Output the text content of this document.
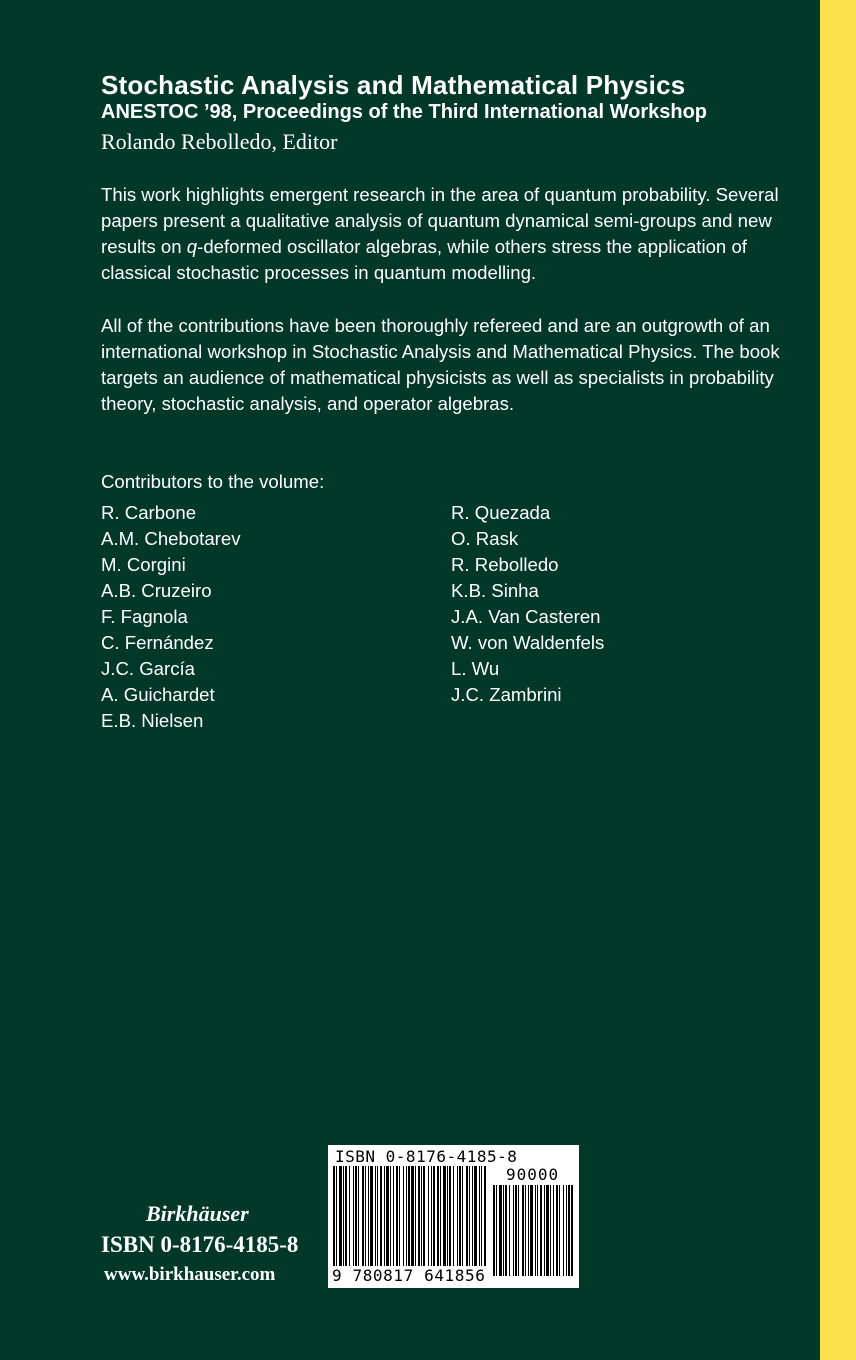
Stochastic Analysis and Mathematical Physics
ANESTOC ’98, Proceedings of the Third International Workshop
Rolando Rebolledo, Editor
This work highlights emergent research in the area of quantum probability. Several papers present a qualitative analysis of quantum dynamical semi-groups and new results on q-deformed oscillator algebras, while others stress the application of classical stochastic processes in quantum modelling.
All of the contributions have been thoroughly refereed and are an outgrowth of an international workshop in Stochastic Analysis and Mathematical Physics. The book targets an audience of mathematical physicists as well as specialists in probability theory, stochastic analysis, and operator algebras.
Contributors to the volume:
R. Carbone
A.M. Chebotarev
M. Corgini
A.B. Cruzeiro
F. Fagnola
C. Fernández
J.C. García
A. Guichardet
E.B. Nielsen
R. Quezada
O. Rask
R. Rebolledo
K.B. Sinha
J.A. Van Casteren
W. von Waldenfels
L. Wu
J.C. Zambrini
Birkhäuser
ISBN 0-8176-4185-8
www.birkhauser.com
ISBN 0-8176-4185-8
90000
9 780817 641856
